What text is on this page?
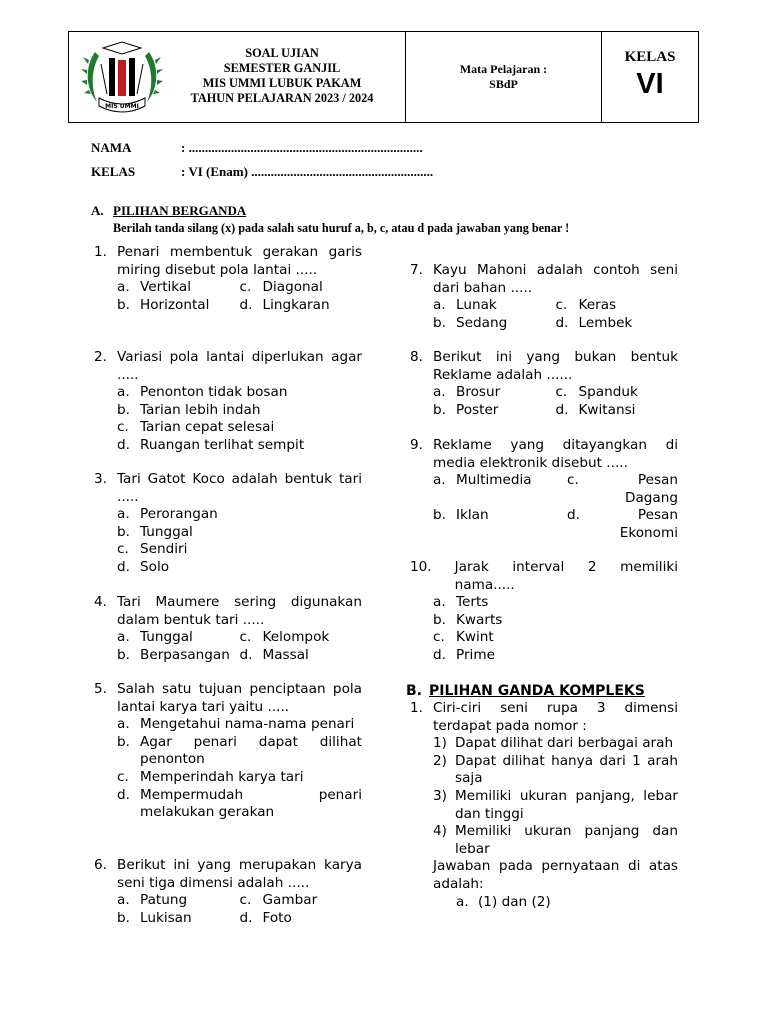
MIS UMMI
SOAL UJIAN
SEMESTER GANJIL
MIS UMMI LUBUK PAKAM
TAHUN PELAJARAN 2023 / 2024
Mata Pelajaran :
SBdP
KELAS
VI
NAMA	: ........................................................................
KELAS	: VI (Enam) ........................................................
A. PILIHAN BERGANDA
Berilah tanda silang (x) pada salah satu huruf a, b, c, atau d pada jawaban yang benar !
1. Penari membentuk gerakan garis miring disebut pola lantai .....
a. Vertikal	c. Diagonal
b. Horizontal d. Lingkaran
2. Variasi pola lantai diperlukan agar .....
a. Penonton tidak bosan
b. Tarian lebih indah
c. Tarian cepat selesai
d. Ruangan terlihat sempit
3. Tari Gatot Koco adalah bentuk tari .....
a. Perorangan
b. Tunggal
c. Sendiri
d. Solo
4. Tari Maumere sering digunakan dalam bentuk tari .....
a. Tunggal	c. Kelompok
b. Berpasangan d. Massal
5. Salah satu tujuan penciptaan pola lantai karya tari yaitu .....
a. Mengetahui nama-nama penari
b. Agar penari dapat dilihat penonton
c. Memperindah karya tari
d. Mempermudah penari melakukan gerakan
6. Berikut ini yang merupakan karya seni tiga dimensi adalah .....
a. Patung	c. Gambar
b. Lukisan	d. Foto
7. Kayu Mahoni adalah contoh seni dari bahan .....
a. Lunak	c. Keras
b. Sedang	d. Lembek
8. Berikut ini yang bukan bentuk Reklame adalah ......
a. Brosur	c. Spanduk
b. Poster	d. Kwitansi
9. Reklame yang ditayangkan di media elektronik disebut .....
a. Multimedia	c.	Pesan Dagang
b. Iklan	d.	Pesan Ekonomi
10.	Jarak interval 2 memiliki nama.....
a. Terts
b. Kwarts
c. Kwint
d. Prime
B. PILIHAN GANDA KOMPLEKS
1. Ciri-ciri seni rupa 3 dimensi terdapat pada nomor :
1) Dapat dilihat dari berbagai arah
2) Dapat dilihat hanya dari 1 arah saja
3) Memiliki ukuran panjang, lebar dan tinggi
4) Memiliki ukuran panjang dan lebar
Jawaban pada pernyataan di atas adalah:
a. (1) dan (2)
